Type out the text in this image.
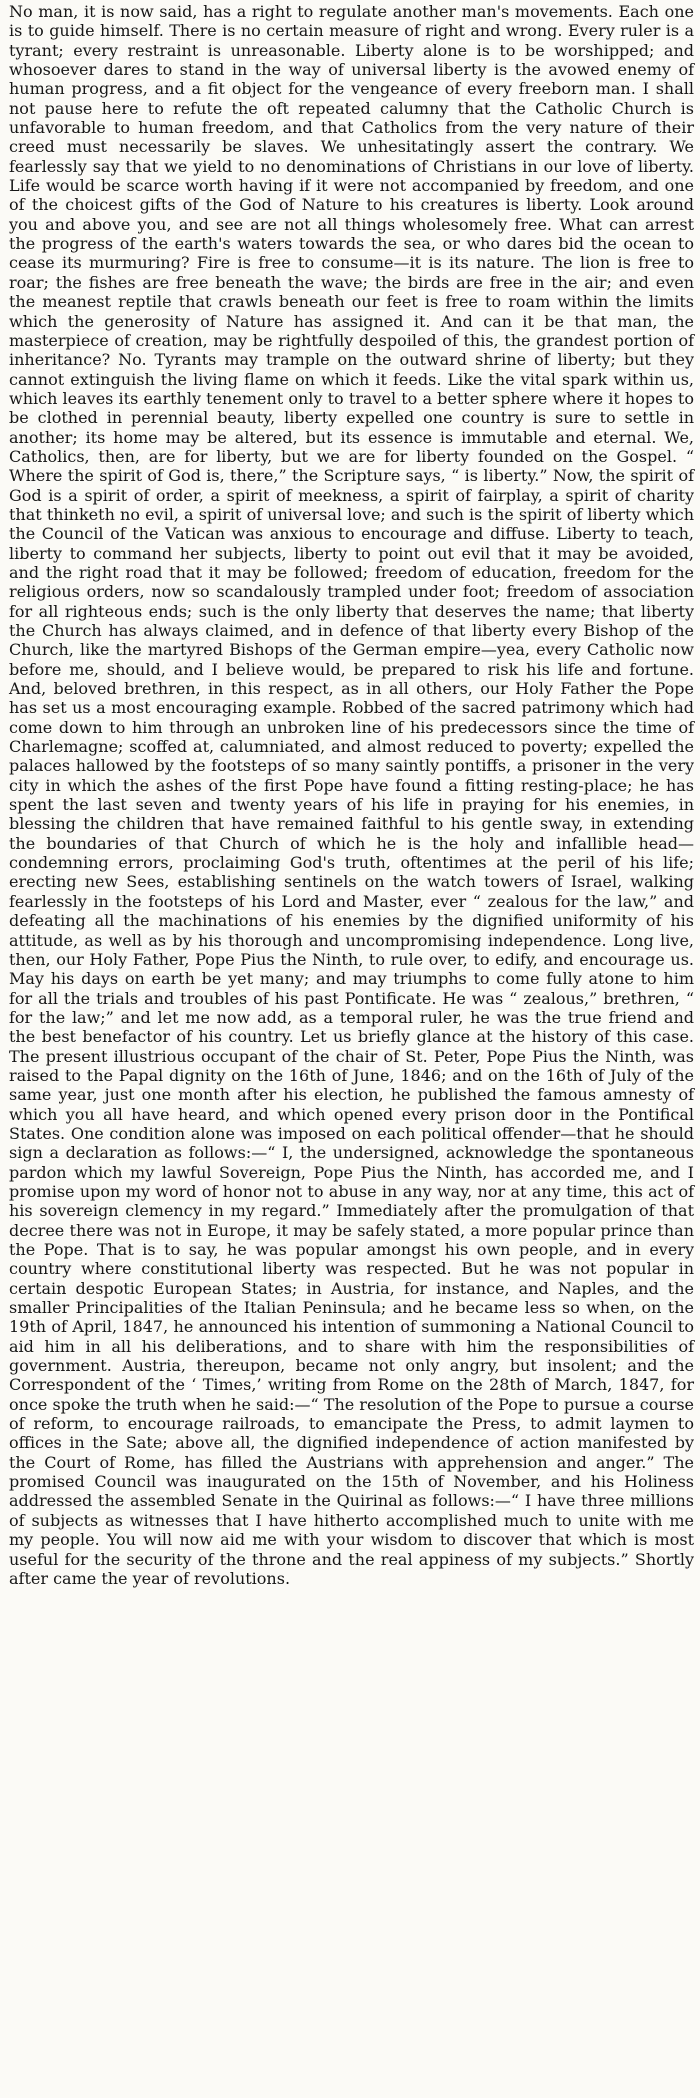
No man, it is now said, has a right to regulate another man's movements. Each one is to guide himself. There is no certain measure of right and wrong. Every ruler is a tyrant; every restraint is unreasonable. Liberty alone is to be worshipped; and whosoever dares to stand in the way of universal liberty is the avowed enemy of human progress, and a fit object for the vengeance of every freeborn man. I shall not pause here to refute the oft repeated calumny that the Catholic Church is unfavorable to human freedom, and that Catholics from the very nature of their creed must necessarily be slaves. We unhesitatingly assert the contrary. We fearlessly say that we yield to no denominations of Christians in our love of liberty. Life would be scarce worth having if it were not accompanied by freedom, and one of the choicest gifts of the God of Nature to his creatures is liberty. Look around you and above you, and see are not all things wholesomely free. What can arrest the progress of the earth's waters towards the sea, or who dares bid the ocean to cease its murmuring? Fire is free to consume—it is its nature. The lion is free to roar; the fishes are free beneath the wave; the birds are free in the air; and even the meanest reptile that crawls beneath our feet is free to roam within the limits which the generosity of Nature has assigned it. And can it be that man, the masterpiece of creation, may be rightfully despoiled of this, the grandest portion of inheritance? No. Tyrants may trample on the outward shrine of liberty; but they cannot extinguish the living flame on which it feeds. Like the vital spark within us, which leaves its earthly tenement only to travel to a better sphere where it hopes to be clothed in perennial beauty, liberty expelled one country is sure to settle in another; its home may be altered, but its essence is immutable and eternal. We, Catholics, then, are for liberty, but we are for liberty founded on the Gospel. “ Where the spirit of God is, there,” the Scripture says, “ is liberty.” Now, the spirit of God is a spirit of order, a spirit of meekness, a spirit of fairplay, a spirit of charity that thinketh no evil, a spirit of universal love; and such is the spirit of liberty which the Council of the Vatican was anxious to encourage and diffuse. Liberty to teach, liberty to command her subjects, liberty to point out evil that it may be avoided, and the right road that it may be followed; freedom of education, freedom for the religious orders, now so scandalously trampled under foot; freedom of association for all righteous ends; such is the only liberty that deserves the name; that liberty the Church has always claimed, and in defence of that liberty every Bishop of the Church, like the martyred Bishops of the German empire—yea, every Catholic now before me, should, and I believe would, be prepared to risk his life and fortune. And, beloved brethren, in this respect, as in all others, our Holy Father the Pope has set us a most encouraging example. Robbed of the sacred patrimony which had come down to him through an unbroken line of his predecessors since the time of Charlemagne; scoffed at, calumniated, and almost reduced to poverty; expelled the palaces hallowed by the footsteps of so many saintly pontiffs, a prisoner in the very city in which the ashes of the first Pope have found a fitting resting-place; he has spent the last seven and twenty years of his life in praying for his enemies, in blessing the children that have remained faithful to his gentle sway, in extending the boundaries of that Church of which he is the holy and infallible head—condemning errors, proclaiming God's truth, oftentimes at the peril of his life; erecting new Sees, establishing sentinels on the watch towers of Israel, walking fearlessly in the footsteps of his Lord and Master, ever “ zealous for the law,” and defeating all the machinations of his enemies by the dignified uniformity of his attitude, as well as by his thorough and uncompromising independence. Long live, then, our Holy Father, Pope Pius the Ninth, to rule over, to edify, and encourage us. May his days on earth be yet many; and may triumphs to come fully atone to him for all the trials and troubles of his past Pontificate. He was “ zealous,” brethren, “ for the law;” and let me now add, as a temporal ruler, he was the true friend and the best benefactor of his country. Let us briefly glance at the history of this case. The present illustrious occupant of the chair of St. Peter, Pope Pius the Ninth, was raised to the Papal dignity on the 16th of June, 1846; and on the 16th of July of the same year, just one month after his election, he published the famous amnesty of which you all have heard, and which opened every prison door in the Pontifical States. One condition alone was imposed on each political offender—that he should sign a declaration as follows:—“ I, the undersigned, acknowledge the spontaneous pardon which my lawful Sovereign, Pope Pius the Ninth, has accorded me, and I promise upon my word of honor not to abuse in any way, nor at any time, this act of his sovereign clemency in my regard.” Immediately after the promulgation of that decree there was not in Europe, it may be safely stated, a more popular prince than the Pope. That is to say, he was popular amongst his own people, and in every country where constitutional liberty was respected. But he was not popular in certain despotic European States; in Austria, for instance, and Naples, and the smaller Principalities of the Italian Peninsula; and he became less so when, on the 19th of April, 1847, he announced his intention of summoning a National Council to aid him in all his deliberations, and to share with him the responsibilities of government. Austria, thereupon, became not only angry, but insolent; and the Correspondent of the ‘ Times,’ writing from Rome on the 28th of March, 1847, for once spoke the truth when he said:—“ The resolution of the Pope to pursue a course of reform, to encourage railroads, to emancipate the Press, to admit laymen to offices in the Sate; above all, the dignified independence of action manifested by the Court of Rome, has filled the Austrians with apprehension and anger.” The promised Council was inaugurated on the 15th of November, and his Holiness addressed the assembled Senate in the Quirinal as follows:—“ I have three millions of subjects as witnesses that I have hitherto accomplished much to unite with me my people. You will now aid me with your wisdom to discover that which is most useful for the security of the throne and the real appiness of my subjects.” Shortly after came the year of revolutions.
